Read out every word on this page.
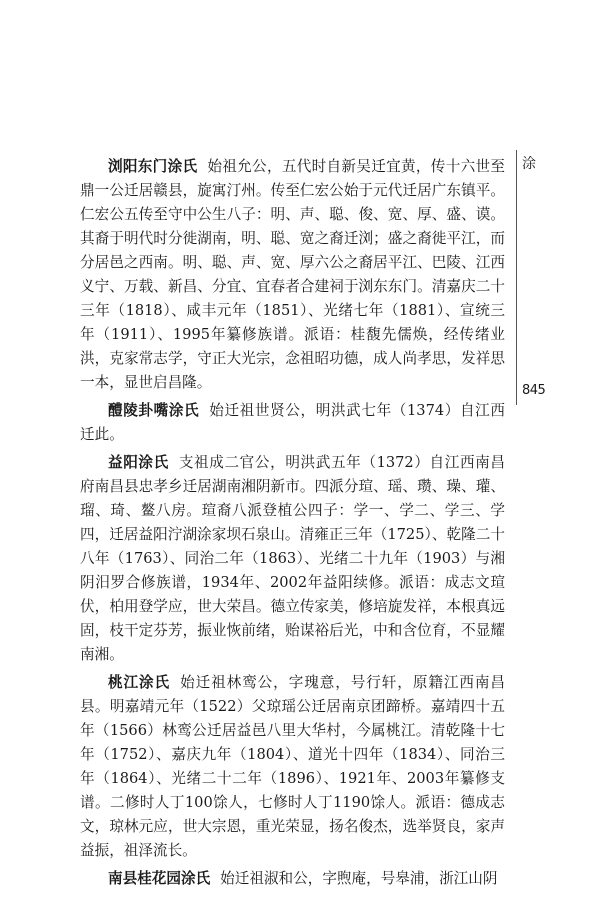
涂
845

浏阳东门涂氏 始祖允公，五代时自新吴迁宜黄，传十六世至鼎一公迁居赣县，旋寓汀州。传至仁宏公始于元代迁居广东镇平。仁宏公五传至守中公生八子：明、声、聪、俊、宽、厚、盛、谟。其裔于明代时分徙湖南，明、聪、宽之裔迁浏；盛之裔徙平江，而分居邑之西南。明、聪、声、宽、厚六公之裔居平江、巴陵、江西义宁、万载、新昌、分宜、宜春者合建祠于浏东东门。清嘉庆二十三年（1818）、咸丰元年（1851）、光绪七年（1881）、宣统三年（1911）、1995年纂修族谱。派语：桂馥先儒焕，经传绪业洪，克家常志学，守正大光宗，念祖昭功德，成人尚孝思，发祥思一本，显世启昌隆。

醴陵卦嘴涂氏 始迁祖世贤公，明洪武七年（1374）自江西迁此。

益阳涂氏 支祖成二官公，明洪武五年（1372）自江西南昌府南昌县忠孝乡迁居湖南湘阴新市。四派分瑄、瑶、瓒、璪、瓘、瑠、琦、鳌八房。瑄裔八派登植公四子：学一、学二、学三、学四，迁居益阳泞湖涂家坝石泉山。清雍正三年（1725）、乾隆二十八年（1763）、同治二年（1863）、光绪二十九年（1903）与湘阴汨罗合修族谱，1934年、2002年益阳续修。派语：成志文瑄伏，柏用登学应，世大荣昌。德立传家美，修培旋发祥，本根真远固，枝干定芬芳，振业恢前绪，贻谋裕后光，中和含位育，不显耀南湘。

桃江涂氏 始迁祖林鸾公，字瑰意，号行轩，原籍江西南昌县。明嘉靖元年（1522）父琼瑶公迁居南京团蹄桥。嘉靖四十五年（1566）林鸾公迁居益邑八里大华村，今属桃江。清乾隆十七年（1752）、嘉庆九年（1804）、道光十四年（1834）、同治三年（1864）、光绪二十二年（1896）、1921年、2003年纂修支谱。二修时人丁100馀人，七修时人丁1190馀人。派语：德成志文，琼林元应，世大宗恩，重光荣显，扬名俊杰，选举贤良，家声益振，祖泽流长。

南县桂花园涂氏 始迁祖淑和公，字煦庵，号皋浦，浙江山阴
